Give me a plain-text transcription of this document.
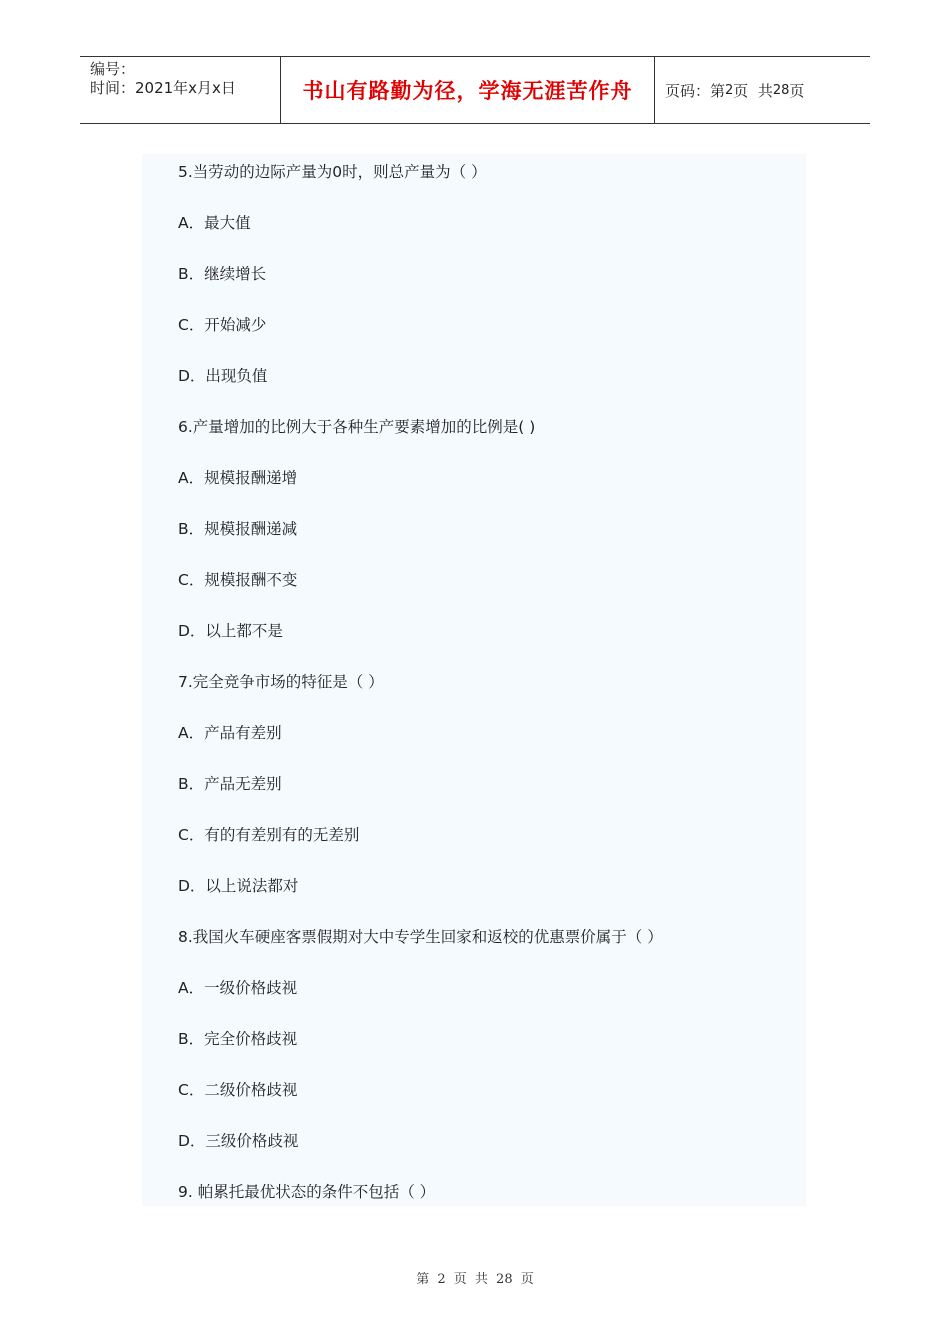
编号：
时间：2021年x月x日	书山有路勤为径，学海无涯苦作舟	页码：第 2 页  共 28 页
5.当劳动的边际产量为0时，则总产量为（ ）
A．最大值
B．继续增长
C．开始减少
D．出现负值
6.产量增加的比例大于各种生产要素增加的比例是( )
A．规模报酬递增
B．规模报酬递减
C．规模报酬不变
D．以上都不是
7.完全竞争市场的特征是（ ）
A．产品有差别
B．产品无差别
C．有的有差别有的无差别
D．以上说法都对
8.我国火车硬座客票假期对大中专学生回家和返校的优惠票价属于（ ）
A．一级价格歧视
B．完全价格歧视
C．二级价格歧视
D．三级价格歧视
9. 帕累托最优状态的条件不包括（ ）
第 2 页 共 28 页
